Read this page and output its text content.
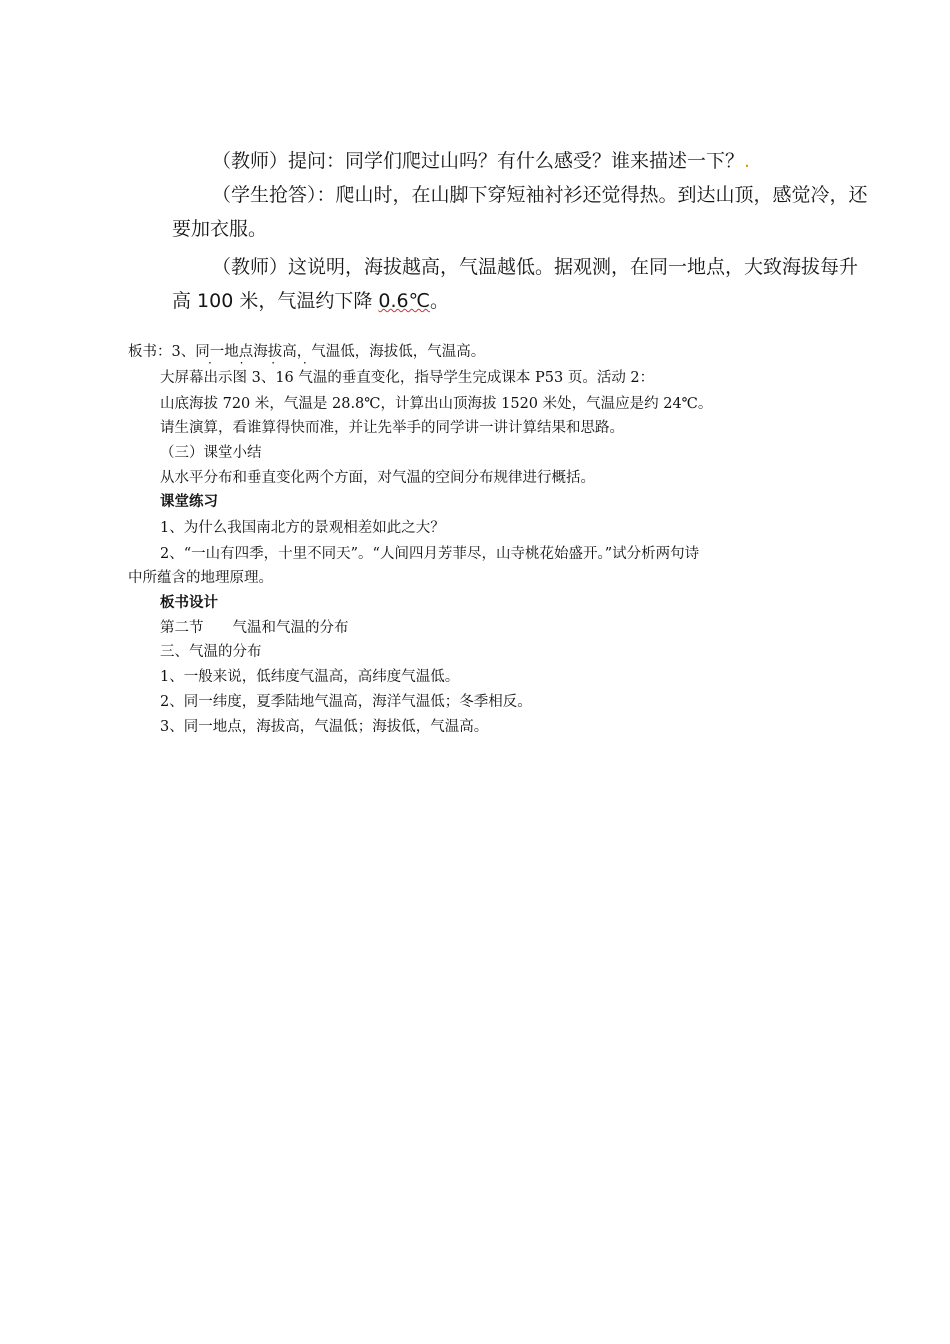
（教师）提问：同学们爬过山吗？有什么感受？谁来描述一下？.
（学生抢答）：爬山时，在山脚下穿短袖衬衫还觉得热。到达山顶，感觉冷，还
要加衣服。
（教师）这说明，海拔越高，气温越低。据观测，在同一地点，大致海拔每升
高 100 米，气温约下降 0.6℃。
板书：3、同一地点海拔高，气温低，海拔低，气温高。
· · · ·
大屏幕出示图 3、16 气温的垂直变化，指导学生完成课本 P53 页。活动 2：
山底海拔 720 米，气温是 28.8℃，计算出山顶海拔 1520 米处，气温应是约 24℃。
请生演算，看谁算得快而准，并让先举手的同学讲一讲计算结果和思路。
（三）课堂小结
从水平分布和垂直变化两个方面，对气温的空间分布规律进行概括。
课堂练习
1、为什么我国南北方的景观相差如此之大？
2、“一山有四季，十里不同天”。“人间四月芳菲尽，山寺桃花始盛开。”试分析两句诗
中所蕴含的地理原理。
板书设计
第二节　　气温和气温的分布
三、气温的分布
1、一般来说，低纬度气温高，高纬度气温低。
2、同一纬度，夏季陆地气温高，海洋气温低；冬季相反。
3、同一地点，海拔高，气温低；海拔低，气温高。
